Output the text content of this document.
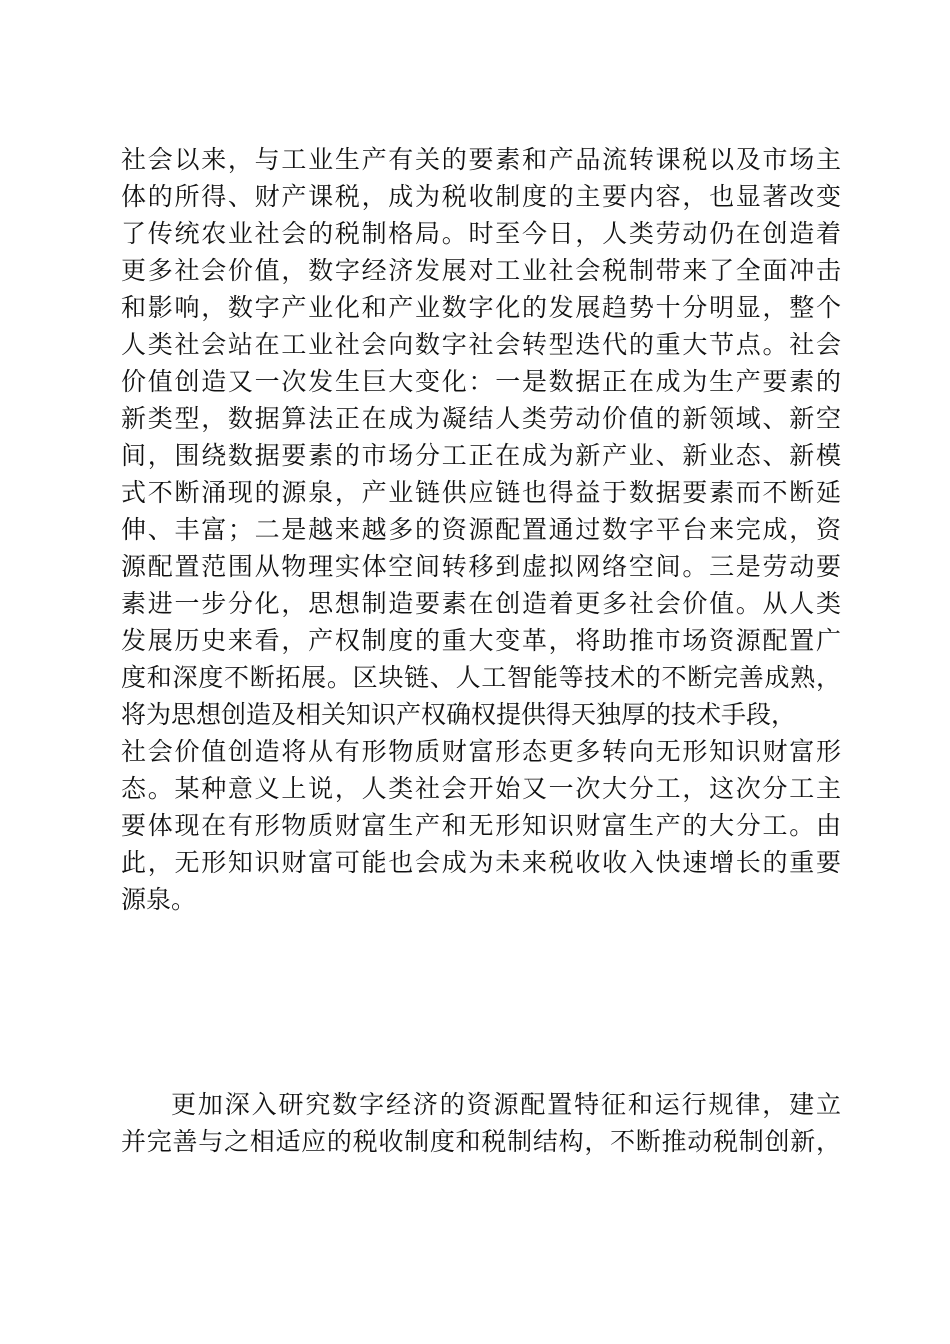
社会以来，与工业生产有关的要素和产品流转课税以及市场主
体的所得、财产课税，成为税收制度的主要内容，也显著改变
了传统农业社会的税制格局。时至今日，人类劳动仍在创造着
更多社会价值，数字经济发展对工业社会税制带来了全面冲击
和影响，数字产业化和产业数字化的发展趋势十分明显，整个
人类社会站在工业社会向数字社会转型迭代的重大节点。社会
价值创造又一次发生巨大变化：一是数据正在成为生产要素的
新类型，数据算法正在成为凝结人类劳动价值的新领域、新空
间，围绕数据要素的市场分工正在成为新产业、新业态、新模
式不断涌现的源泉，产业链供应链也得益于数据要素而不断延
伸、丰富；二是越来越多的资源配置通过数字平台来完成，资
源配置范围从物理实体空间转移到虚拟网络空间。三是劳动要
素进一步分化，思想制造要素在创造着更多社会价值。从人类
发展历史来看，产权制度的重大变革，将助推市场资源配置广
度和深度不断拓展。区块链、人工智能等技术的不断完善成熟，
将为思想创造及相关知识产权确权提供得天独厚的技术手段，
社会价值创造将从有形物质财富形态更多转向无形知识财富形
态。某种意义上说，人类社会开始又一次大分工，这次分工主
要体现在有形物质财富生产和无形知识财富生产的大分工。由
此，无形知识财富可能也会成为未来税收收入快速增长的重要
源泉。
更加深入研究数字经济的资源配置特征和运行规律，建立
并完善与之相适应的税收制度和税制结构，不断推动税制创新，
